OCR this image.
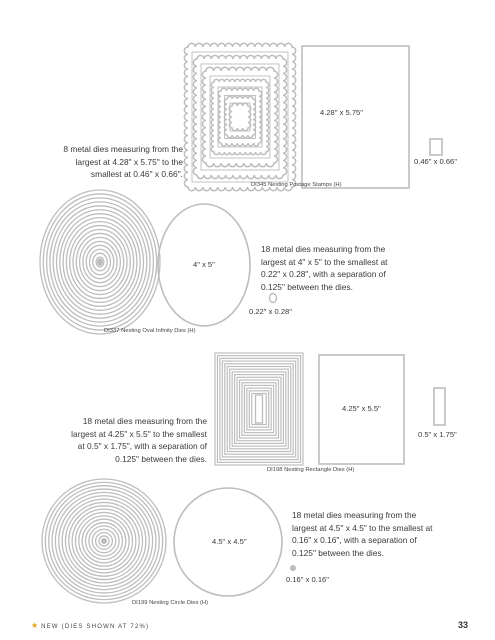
8 metal dies measuring from the largest at 4.28" x 5.75" to the smallest at 0.46" x 0.66".
4.28" x 5.75"
0.46" x 0.66"
DI345 Nesting Postage Stamps (H)
4" x 5"
18 metal dies measuring from the largest at 4" x 5" to the smallest at 0.22" x 0.28", with a separation of 0.125" between the dies.
0.22" x 0.28"
DI337 Nesting Oval Infinity Dies (H)
18 metal dies measuring from the largest at 4.25" x 5.5" to the smallest at 0.5" x 1.75", with a separation of 0.125" between the dies.
4.25" x 5.5"
0.5" x 1.75"
DI198 Nesting Rectangle Dies (H)
4.5" x 4.5"
18 metal dies measuring from the largest at 4.5" x 4.5" to the smallest at 0.16" x 0.16", with a separation of 0.125" between the dies.
0.16" x 0.16"
DI199 Nesting Circle Dies (H)
★ NEW (DIES SHOWN AT 72%)	33
